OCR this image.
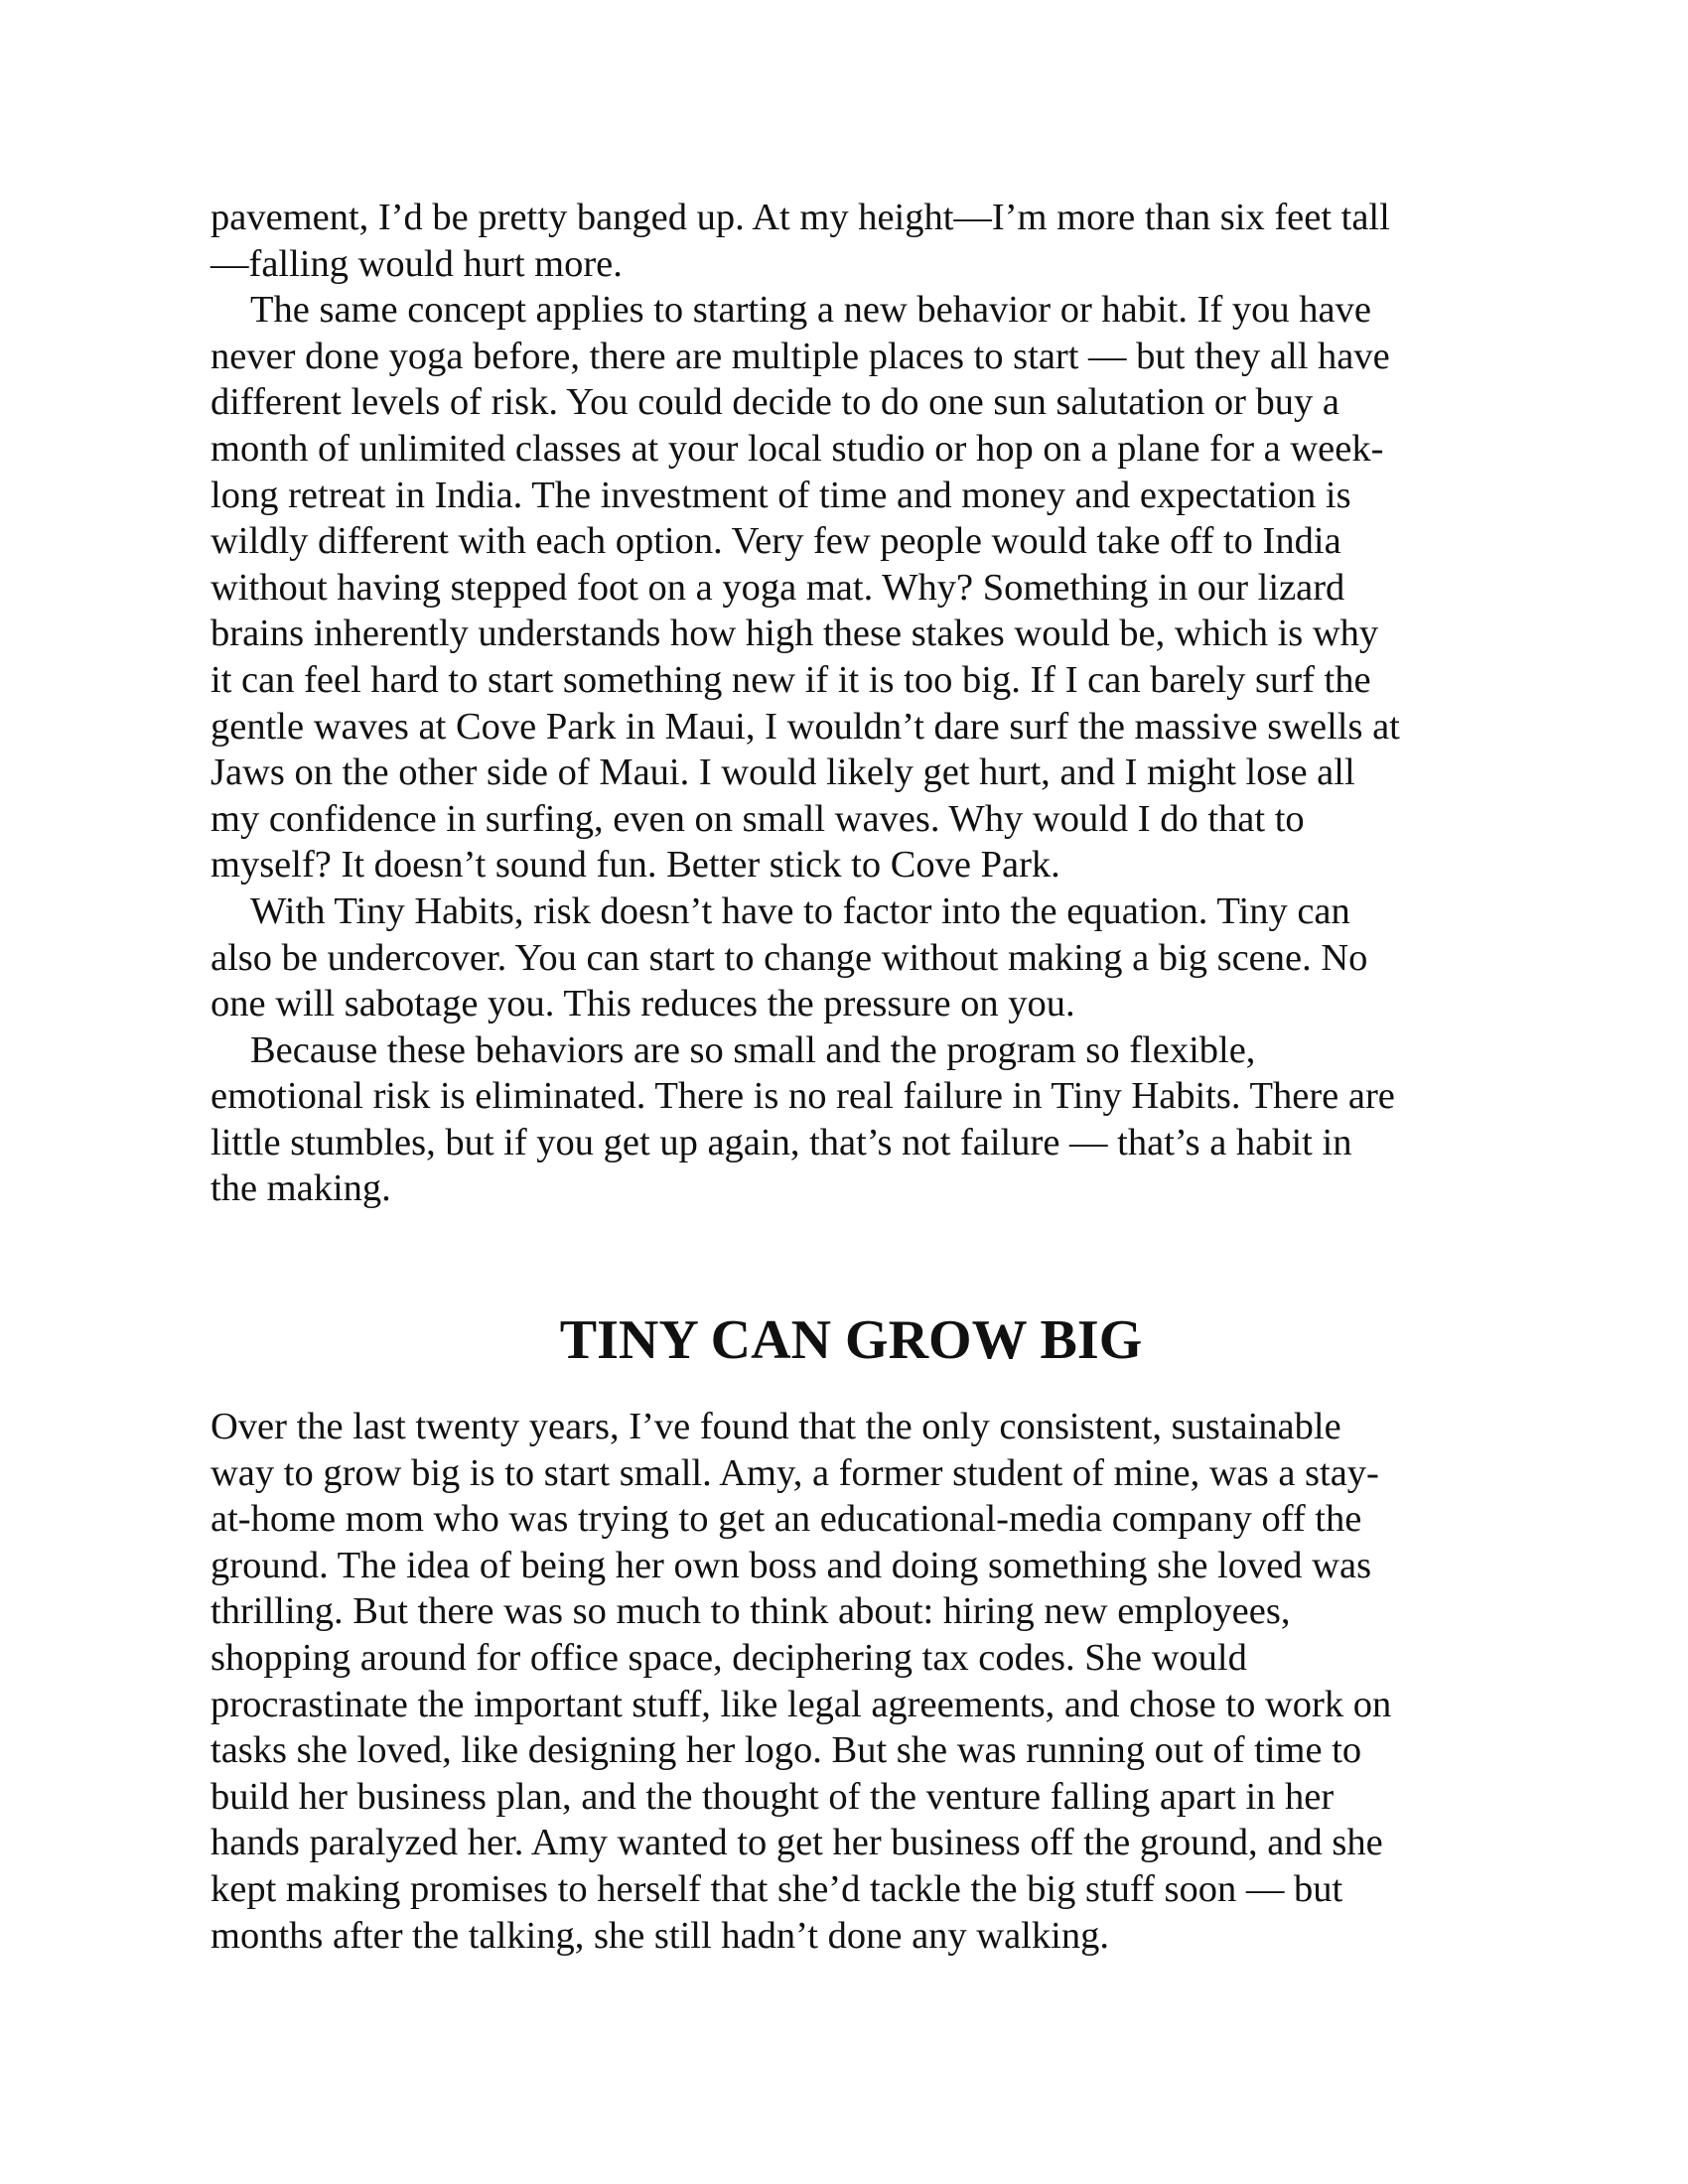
pavement, I’d be pretty banged up. At my height—I’m more than six feet tall
—falling would hurt more.

The same concept applies to starting a new behavior or habit. If you have
never done yoga before, there are multiple places to start — but they all have
different levels of risk. You could decide to do one sun salutation or buy a
month of unlimited classes at your local studio or hop on a plane for a week-
long retreat in India. The investment of time and money and expectation is
wildly different with each option. Very few people would take off to India
without having stepped foot on a yoga mat. Why? Something in our lizard
brains inherently understands how high these stakes would be, which is why
it can feel hard to start something new if it is too big. If I can barely surf the
gentle waves at Cove Park in Maui, I wouldn’t dare surf the massive swells at
Jaws on the other side of Maui. I would likely get hurt, and I might lose all
my confidence in surfing, even on small waves. Why would I do that to
myself? It doesn’t sound fun. Better stick to Cove Park.

With Tiny Habits, risk doesn’t have to factor into the equation. Tiny can
also be undercover. You can start to change without making a big scene. No
one will sabotage you. This reduces the pressure on you.

Because these behaviors are so small and the program so flexible,
emotional risk is eliminated. There is no real failure in Tiny Habits. There are
little stumbles, but if you get up again, that’s not failure — that’s a habit in
the making.

TINY CAN GROW BIG

Over the last twenty years, I’ve found that the only consistent, sustainable
way to grow big is to start small. Amy, a former student of mine, was a stay-
at-home mom who was trying to get an educational-media company off the
ground. The idea of being her own boss and doing something she loved was
thrilling. But there was so much to think about: hiring new employees,
shopping around for office space, deciphering tax codes. She would
procrastinate the important stuff, like legal agreements, and chose to work on
tasks she loved, like designing her logo. But she was running out of time to
build her business plan, and the thought of the venture falling apart in her
hands paralyzed her. Amy wanted to get her business off the ground, and she
kept making promises to herself that she’d tackle the big stuff soon — but
months after the talking, she still hadn’t done any walking.
